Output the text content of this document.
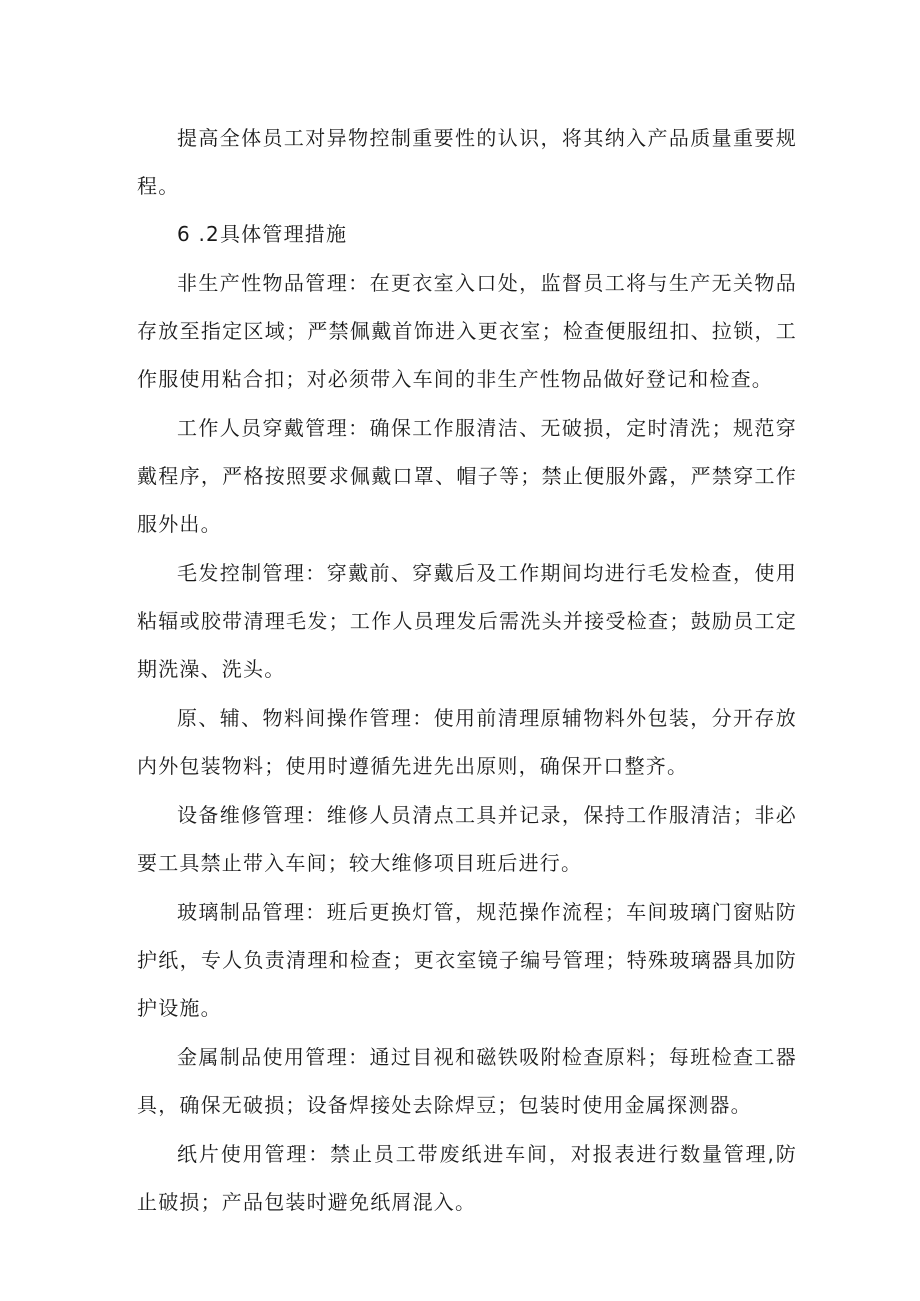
提高全体员工对异物控制重要性的认识，将其纳入产品质量重要规程。

6 .2具体管理措施

非生产性物品管理：在更衣室入口处，监督员工将与生产无关物品存放至指定区域；严禁佩戴首饰进入更衣室；检查便服纽扣、拉锁，工作服使用粘合扣；对必须带入车间的非生产性物品做好登记和检查。

工作人员穿戴管理：确保工作服清洁、无破损，定时清洗；规范穿戴程序，严格按照要求佩戴口罩、帽子等；禁止便服外露，严禁穿工作服外出。

毛发控制管理：穿戴前、穿戴后及工作期间均进行毛发检查，使用粘辐或胶带清理毛发；工作人员理发后需洗头并接受检查；鼓励员工定期洗澡、洗头。

原、辅、物料间操作管理：使用前清理原辅物料外包装，分开存放内外包装物料；使用时遵循先进先出原则，确保开口整齐。

设备维修管理：维修人员清点工具并记录，保持工作服清洁；非必要工具禁止带入车间；较大维修项目班后进行。

玻璃制品管理：班后更换灯管，规范操作流程；车间玻璃门窗贴防护纸，专人负责清理和检查；更衣室镜子编号管理；特殊玻璃器具加防护设施。

金属制品使用管理：通过目视和磁铁吸附检查原料；每班检查工器具，确保无破损；设备焊接处去除焊豆；包装时使用金属探测器。

纸片使用管理：禁止员工带废纸进车间，对报表进行数量管理,防止破损；产品包装时避免纸屑混入。
